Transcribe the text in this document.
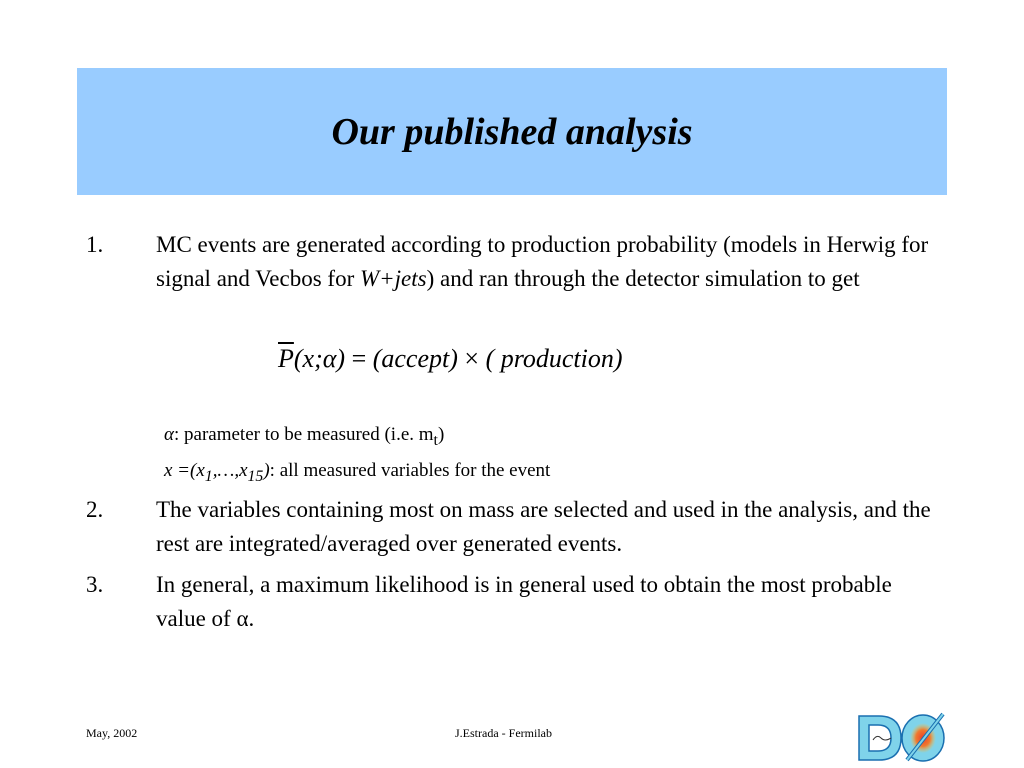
Our published analysis
1. MC events are generated according to production probability (models in Herwig for signal and Vecbos for W+jets) and ran through the detector simulation to get
$\overline{P}(x;\alpha)$ = (accept) × ( production)
α: parameter to be measured (i.e. $m_t$)
$x =(x_1,\dots,x_{15})$: all measured variables for the event
2. The variables containing most on mass are selected and used in the analysis, and the rest are integrated/averaged over generated events.
3. In general, a maximum likelihood is in general used to obtain the most probable value of α.
May, 2002	J.Estrada - Fermilab
